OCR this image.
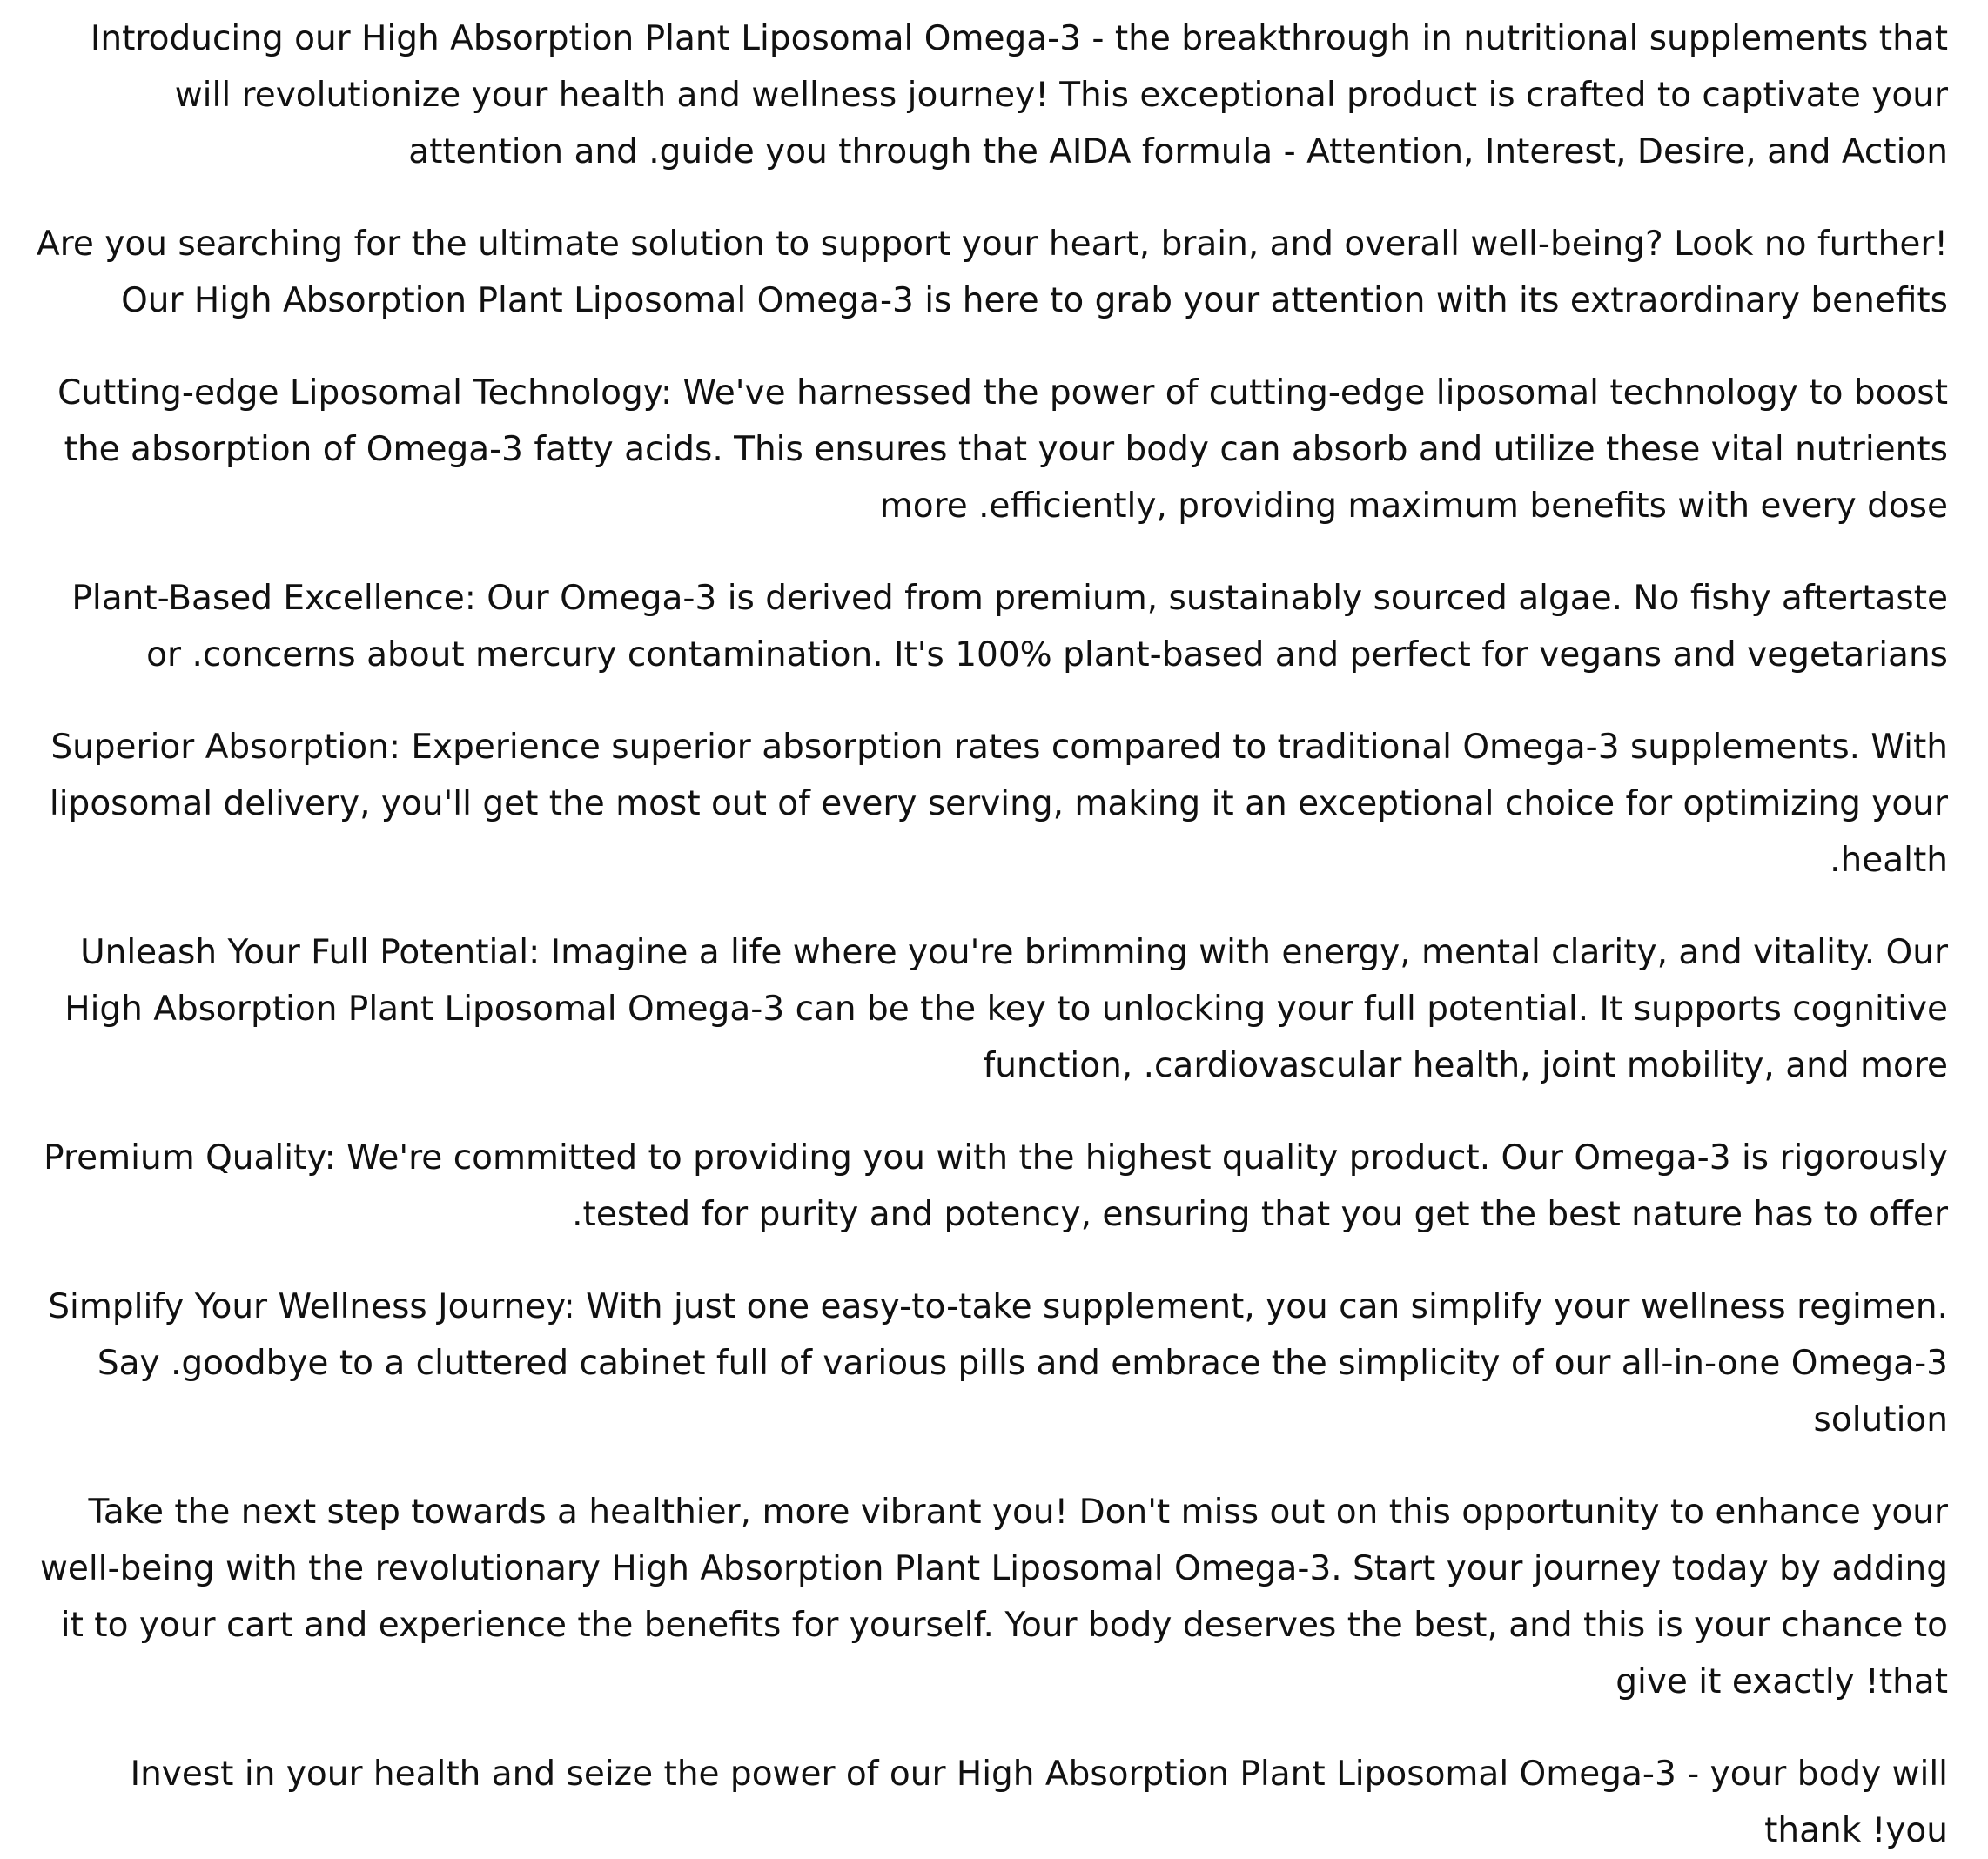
Introducing our High Absorption Plant Liposomal Omega-3 - the breakthrough in nutritional supplements that will revolutionize your health and wellness journey! This exceptional product is crafted to captivate your attention and .guide you through the AIDA formula - Attention, Interest, Desire, and Action

Are you searching for the ultimate solution to support your heart, brain, and overall well-being? Look no further! Our High Absorption Plant Liposomal Omega-3 is here to grab your attention with its extraordinary benefits

Cutting-edge Liposomal Technology: We've harnessed the power of cutting-edge liposomal technology to boost the absorption of Omega-3 fatty acids. This ensures that your body can absorb and utilize these vital nutrients more .efficiently, providing maximum benefits with every dose

Plant-Based Excellence: Our Omega-3 is derived from premium, sustainably sourced algae. No fishy aftertaste or .concerns about mercury contamination. It's 100% plant-based and perfect for vegans and vegetarians

Superior Absorption: Experience superior absorption rates compared to traditional Omega-3 supplements. With liposomal delivery, you'll get the most out of every serving, making it an exceptional choice for optimizing your .health

Unleash Your Full Potential: Imagine a life where you're brimming with energy, mental clarity, and vitality. Our High Absorption Plant Liposomal Omega-3 can be the key to unlocking your full potential. It supports cognitive function, .cardiovascular health, joint mobility, and more

Premium Quality: We're committed to providing you with the highest quality product. Our Omega-3 is rigorously .tested for purity and potency, ensuring that you get the best nature has to offer

Simplify Your Wellness Journey: With just one easy-to-take supplement, you can simplify your wellness regimen. Say .goodbye to a cluttered cabinet full of various pills and embrace the simplicity of our all-in-one Omega-3 solution

Take the next step towards a healthier, more vibrant you! Don't miss out on this opportunity to enhance your well-being with the revolutionary High Absorption Plant Liposomal Omega-3. Start your journey today by adding it to your cart and experience the benefits for yourself. Your body deserves the best, and this is your chance to give it exactly !that

Invest in your health and seize the power of our High Absorption Plant Liposomal Omega-3 - your body will thank !you
